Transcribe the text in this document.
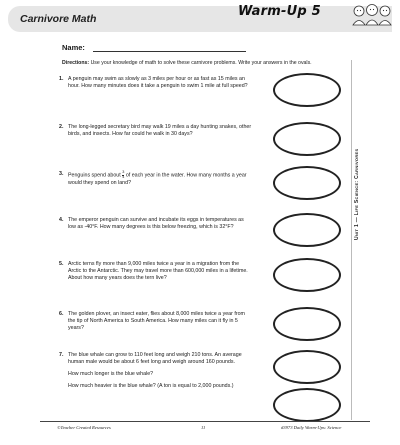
Carnivore Math	Warm-Up 5
Name:
Directions: Use your knowledge of math to solve these carnivore problems. Write your answers in the ovals.
1. A penguin may swim as slowly as 3 miles per hour or as fast as 15 miles an hour. How many minutes does it take a penguin to swim 1 mile at full speed?

2. The long-legged secretary bird may walk 19 miles a day hunting snakes, other birds, and insects. How far could he walk in 30 days?

3. Penguins spend about $\frac{3}{4}$ of each year in the water. How many months a year would they spend on land?

4. The emperor penguin can survive and incubate its eggs in temperatures as low as -40°F. How many degrees is this below freezing, which is 32°F?

5. Arctic terns fly more than 9,000 miles twice a year in a migration from the Arctic to the Antarctic. They may travel more than 600,000 miles in a lifetime. About how many years does the tern live?

6. The golden plover, an insect eater, flies about 8,000 miles twice a year from the tip of North America to South America. How many miles can it fly in 5 years?

7. The blue whale can grow to 110 feet long and weigh 210 tons. An average human male would be about 6 feet long and weigh around 160 pounds.

How much longer is the blue whale?

How much heavier is the blue whale? (A ton is equal to 2,000 pounds.)

Unit 1 — Life Science: Carnivores
©Teacher Created Resources	11	#3973 Daily Warm-Ups: Science
